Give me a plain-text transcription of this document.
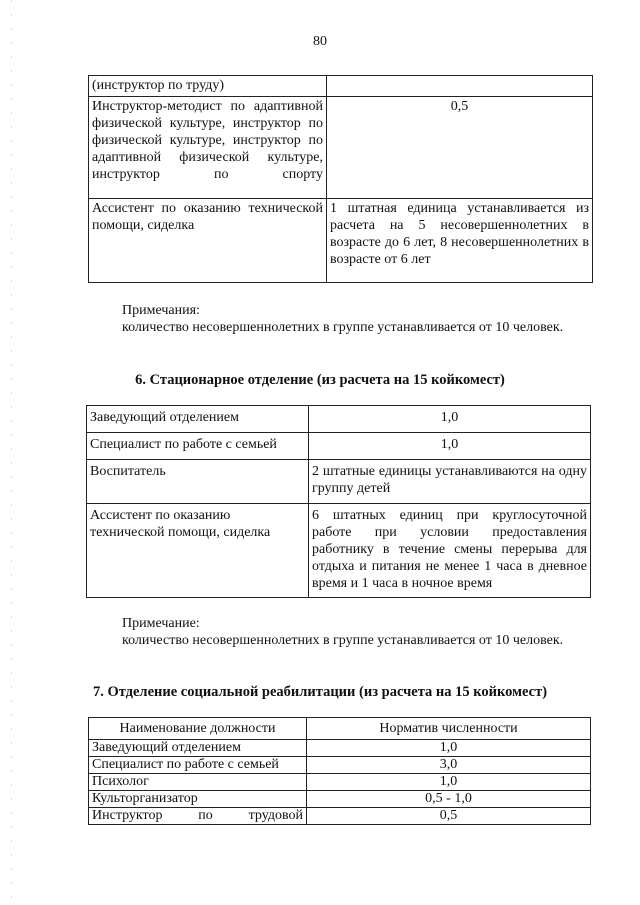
80
(инструктор по труду)	
Инструктор-методист по адаптивной физической культуре, инструктор по физической культуре, инструктор по адаптивной физической культуре, инструктор по спорту	0,5
Ассистент по оказанию технической помощи, сиделка	1 штатная единица устанавливается из расчета на 5 несовершеннолетних в возрасте до 6 лет, 8 несовершеннолетних в возрасте от 6 лет
Примечания:
количество несовершеннолетних в группе устанавливается от 10 человек.
6. Стационарное отделение (из расчета на 15 койкомест)
Заведующий отделением	1,0
Специалист по работе с семьей	1,0
Воспитатель	2 штатные единицы устанавливаются на одну группу детей
Ассистент по оказанию технической помощи, сиделка	6 штатных единиц при круглосуточной работе при условии предоставления работнику в течение смены перерыва для отдыха и питания не менее 1 часа в дневное время и 1 часа в ночное время
Примечание:
количество несовершеннолетних в группе устанавливается от 10 человек.
7. Отделение социальной реабилитации (из расчета на 15 койкомест)
Наименование должности	Норматив численности
Заведующий отделением	1,0
Специалист по работе с семьей	3,0
Психолог	1,0
Культорганизатор	0,5 - 1,0
Инструктор по трудовой	0,5
